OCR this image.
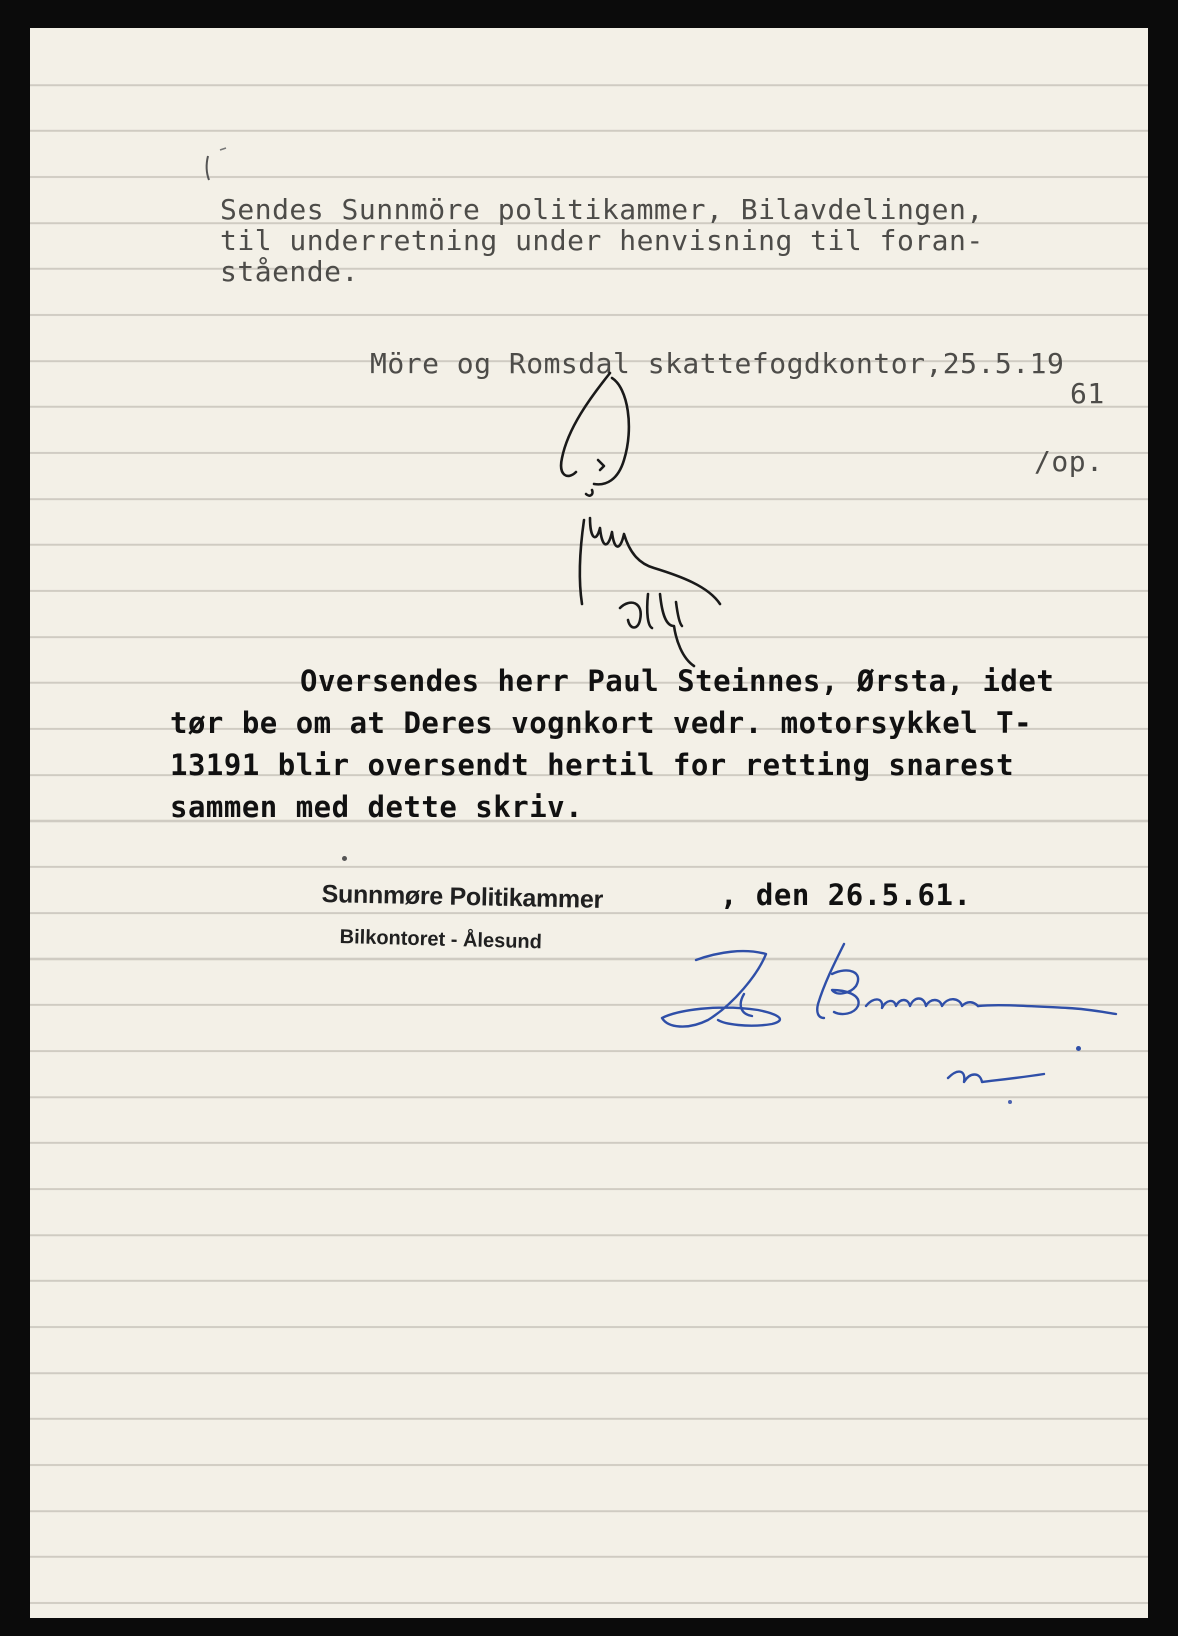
Sendes Sunnmöre politikammer, Bilavdelingen,
til underretning under henvisning til foran-
stående.
Möre og Romsdal skattefogdkontor,25.5.19
61
/op.
Oversendes herr Paul Steinnes, Ørsta, idet
tør be om at Deres vognkort vedr. motorsykkel T-
13191 blir oversendt hertil for retting snarest
sammen med dette skriv.
Sunnmøre Politikammer
Bilkontoret - Ålesund
, den 26.5.61.
